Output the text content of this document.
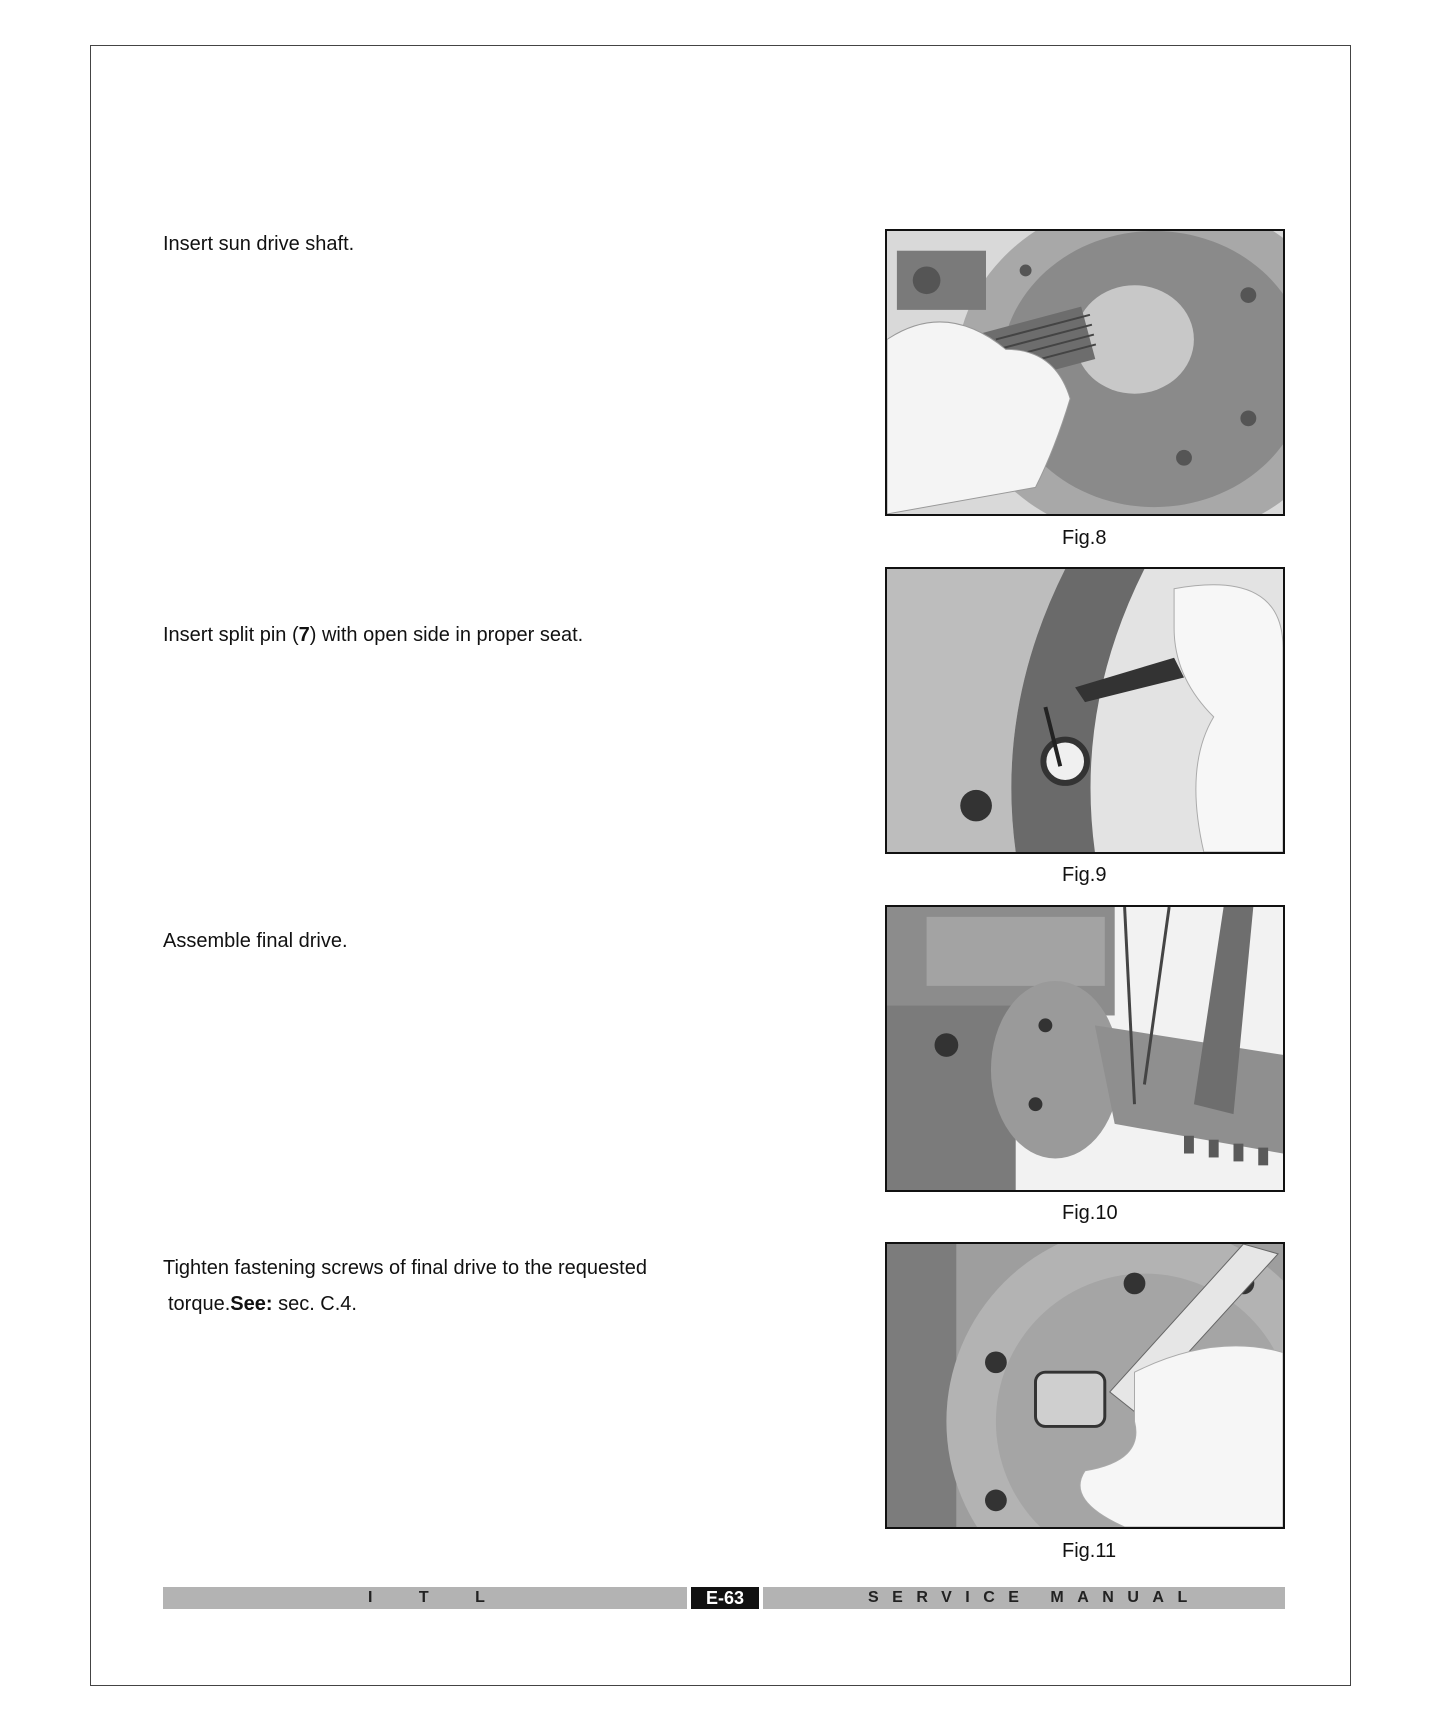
Insert sun drive shaft.
Insert split pin (7) with open side in proper seat.
Assemble final drive.
Tighten fastening screws of final drive to the requested
torque.See: sec. C.4.
Fig.8
Fig.9
Fig.10
Fig.11
I T L	E-63	SERVICE MANUAL
